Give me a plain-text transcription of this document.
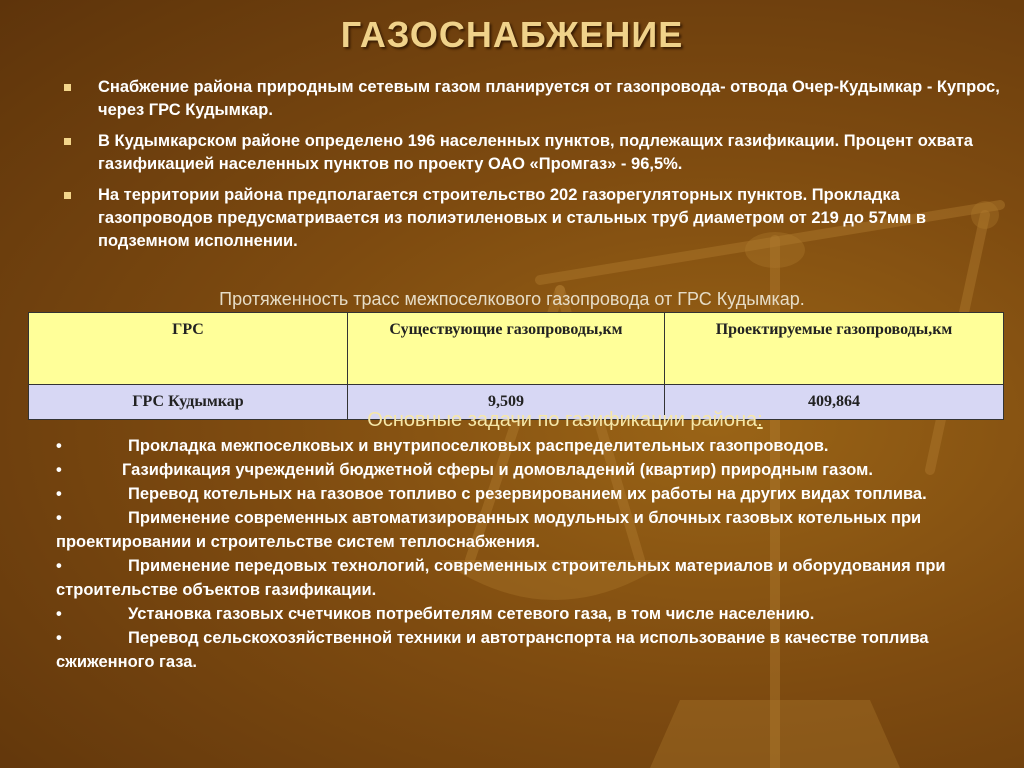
ГАЗОСНАБЖЕНИЕ
Снабжение района природным сетевым газом планируется от газопровода- отвода Очер-Кудымкар - Купрос, через ГРС Кудымкар.
В Кудымкарском районе определено 196 населенных пунктов, подлежащих газификации. Процент охвата газификацией населенных пунктов по проекту ОАО «Промгаз» - 96,5%.
На территории района предполагается строительство 202 газорегуляторных пунктов. Прокладка газопроводов предусматривается из полиэтиленовых и стальных труб диаметром от 219 до 57мм в подземном исполнении.
Протяженность трасс межпоселкового газопровода от ГРС Кудымкар.
ГРС	Существующие газопроводы,км	Проектируемые газопроводы,км
ГРС Кудымкар	9,509	409,864
Основные задачи по газификации района:
•	Прокладка межпоселковых и внутрипоселковых распределительных газопроводов.
•	Газификация учреждений бюджетной сферы и домовладений (квартир) природным газом.
•	Перевод котельных на газовое топливо с резервированием их работы на других видах топлива.
•	Применение современных автоматизированных модульных и блочных газовых котельных при проектировании и строительстве систем теплоснабжения.
•	Применение передовых технологий, современных строительных материалов и оборудования при строительстве объектов газификации.
•	Установка газовых счетчиков потребителям сетевого газа, в том числе населению.
•	Перевод сельскохозяйственной техники и автотранспорта на использование в качестве топлива сжиженного газа.
